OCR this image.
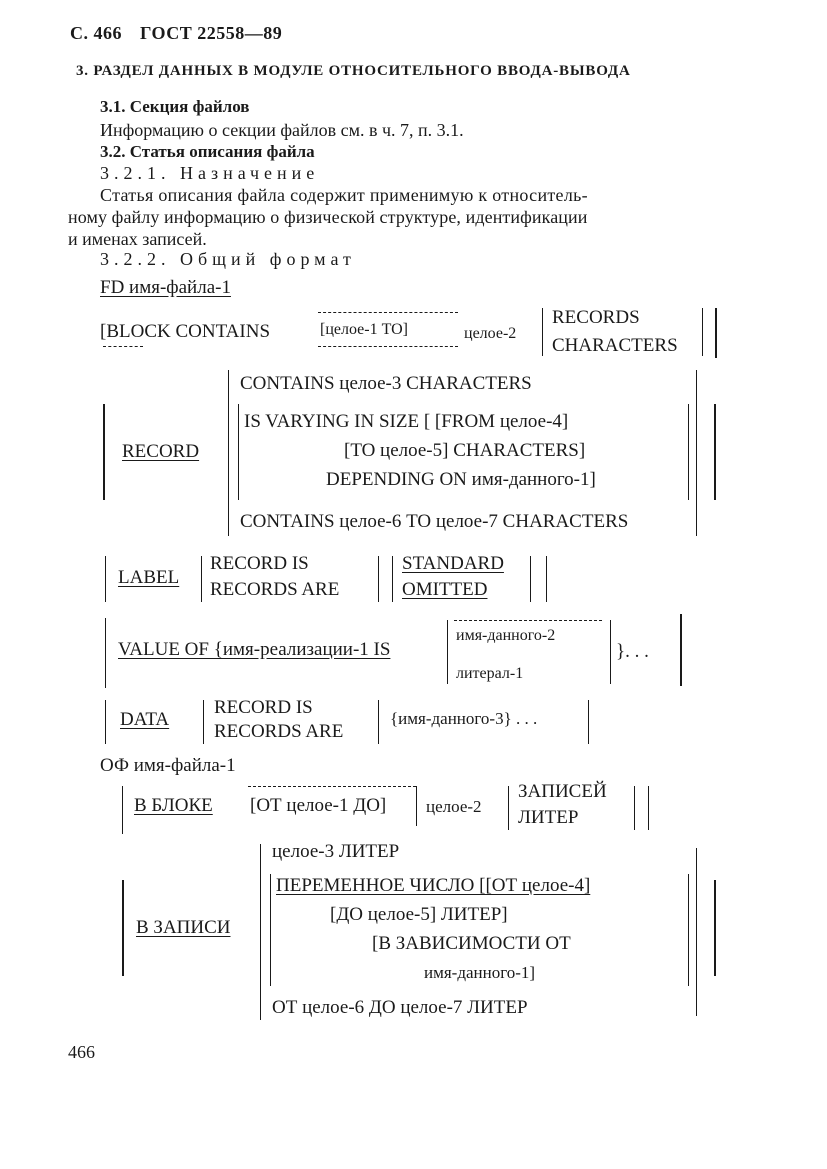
С. 466 ГОСТ 22558—89
3. РАЗДЕЛ ДАННЫХ В МОДУЛЕ ОТНОСИТЕЛЬНОГО ВВОДА-ВЫВОДА
3.1. Секция файлов
Информацию о секции файлов см. в ч. 7, п. 3.1.
3.2. Статья описания файла
3.2.1. Назначение
Статья описания файла содержит применимую к относитель-
ному файлу информацию о физической структуре, идентификации
и именах записей.
3.2.2. Общий формат
FD имя-файла-1
[BLOCK CONTAINS	[целое-1 TO]	целое-2
RECORDS
CHARACTERS
RECORD
CONTAINS целое-3 CHARACTERS
IS VARYING IN SIZE [ [FROM целое-4]
[TO целое-5] CHARACTERS]
DEPENDING ON имя-данного-1]
CONTAINS целое-6 TO целое-7 CHARACTERS
LABEL
RECORD IS
RECORDS ARE
STANDARD
OMITTED
VALUE OF {имя-реализации-1 IS
имя-данного-2
литерал-1
}. . .
DATA
RECORD IS
RECORDS ARE
{имя-данного-3} . . .
ОФ имя-файла-1
В БЛОКЕ [ОТ целое-1 ДО] целое-2
ЗАПИСЕЙ
ЛИТЕР
В ЗАПИСИ
целое-3 ЛИТЕР
ПЕРЕМЕННОЕ ЧИСЛО [[ОТ целое-4]
[ДО целое-5] ЛИТЕР]
[В ЗАВИСИМОСТИ ОТ
имя-данного-1]
ОТ целое-6 ДО целое-7 ЛИТЕР
466
